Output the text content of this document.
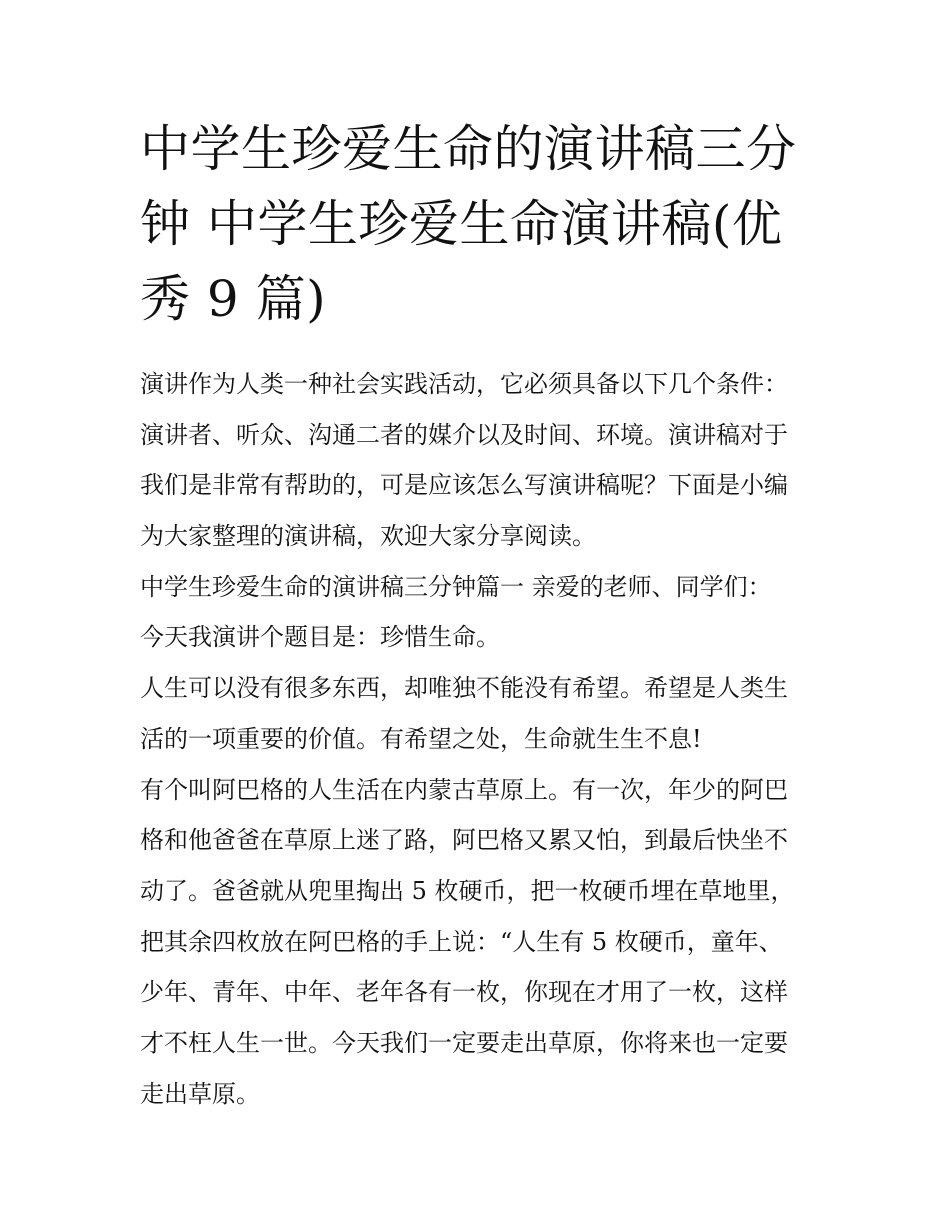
中学生珍爱生命的演讲稿三分
钟 中学生珍爱生命演讲稿(优
秀 9 篇)

演讲作为人类一种社会实践活动，它必须具备以下几个条件：

演讲者、听众、沟通二者的媒介以及时间、环境。演讲稿对于

我们是非常有帮助的，可是应该怎么写演讲稿呢？下面是小编

为大家整理的演讲稿，欢迎大家分享阅读。

中学生珍爱生命的演讲稿三分钟篇一 亲爱的老师、同学们：

今天我演讲个题目是：珍惜生命。

人生可以没有很多东西，却唯独不能没有希望。希望是人类生

活的一项重要的价值。有希望之处，生命就生生不息!

有个叫阿巴格的人生活在内蒙古草原上。有一次，年少的阿巴

格和他爸爸在草原上迷了路，阿巴格又累又怕，到最后快坐不

动了。爸爸就从兜里掏出 5 枚硬币，把一枚硬币埋在草地里，

把其余四枚放在阿巴格的手上说：“人生有 5 枚硬币，童年、

少年、青年、中年、老年各有一枚，你现在才用了一枚，这样

才不枉人生一世。今天我们一定要走出草原，你将来也一定要

走出草原。
